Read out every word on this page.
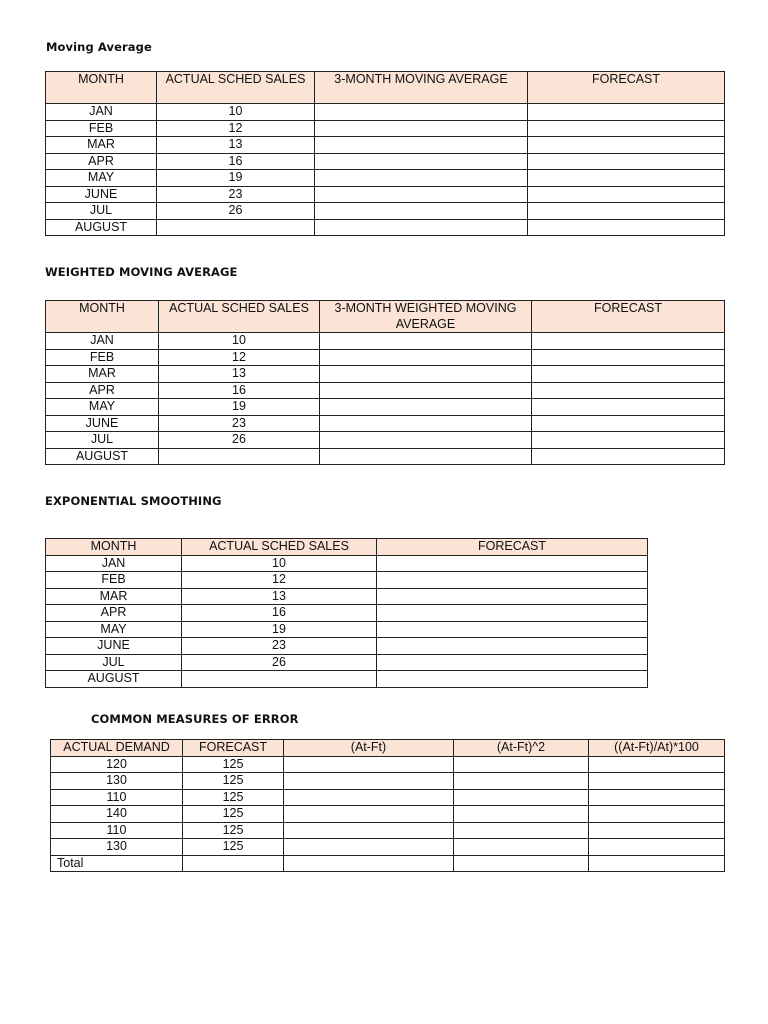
Moving Average
MONTH	ACTUAL SCHED SALES	3-MONTH MOVING AVERAGE	FORECAST
JAN	10		
FEB	12		
MAR	13		
APR	16		
MAY	19		
JUNE	23		
JUL	26		
AUGUST			
WEIGHTED MOVING AVERAGE
MONTH	ACTUAL SCHED SALES	3-MONTH WEIGHTED MOVING AVERAGE	FORECAST
JAN	10		
FEB	12		
MAR	13		
APR	16		
MAY	19		
JUNE	23		
JUL	26		
AUGUST			
EXPONENTIAL SMOOTHING
MONTH	ACTUAL SCHED SALES	FORECAST
JAN	10	
FEB	12	
MAR	13	
APR	16	
MAY	19	
JUNE	23	
JUL	26	
AUGUST		
COMMON MEASURES OF ERROR
ACTUAL DEMAND	FORECAST	(At-Ft)	(At-Ft)^2	((At-Ft)/At)*100
120	125			
130	125			
110	125			
140	125			
110	125			
130	125			
Total				
